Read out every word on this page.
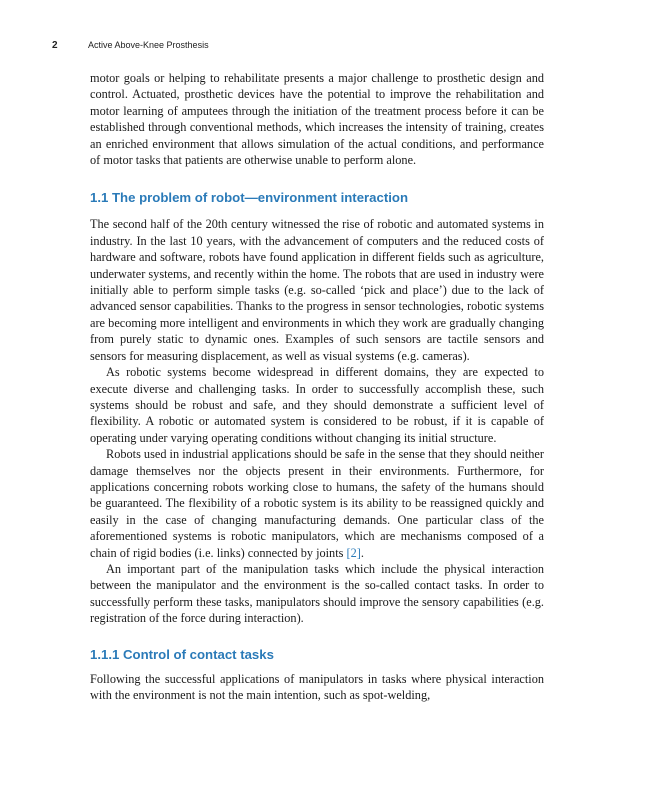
2	Active Above-Knee Prosthesis

motor goals or helping to rehabilitate presents a major challenge to prosthetic design and control. Actuated, prosthetic devices have the potential to improve the rehabilitation and motor learning of amputees through the initiation of the treatment process before it can be established through conventional methods, which increases the intensity of training, creates an enriched environment that allows simulation of the actual conditions, and performance of motor tasks that patients are otherwise unable to perform alone.

1.1 The problem of robot—environment interaction

The second half of the 20th century witnessed the rise of robotic and automated systems in industry. In the last 10 years, with the advancement of computers and the reduced costs of hardware and software, robots have found application in different fields such as agriculture, underwater systems, and recently within the home. The robots that are used in industry were initially able to perform simple tasks (e.g. so-called ‘pick and place’) due to the lack of advanced sensor capabilities. Thanks to the progress in sensor technologies, robotic systems are becoming more intelligent and environments in which they work are gradually changing from purely static to dynamic ones. Examples of such sensors are tactile sensors and sensors for measuring displacement, as well as visual systems (e.g. cameras).

As robotic systems become widespread in different domains, they are expected to execute diverse and challenging tasks. In order to successfully accomplish these, such systems should be robust and safe, and they should demonstrate a sufficient level of flexibility. A robotic or automated system is considered to be robust, if it is capable of operating under varying operating conditions without changing its initial structure.

Robots used in industrial applications should be safe in the sense that they should neither damage themselves nor the objects present in their environments. Furthermore, for applications concerning robots working close to humans, the safety of the humans should be guaranteed. The flexibility of a robotic system is its ability to be reassigned quickly and easily in the case of changing manufacturing demands. One particular class of the aforementioned systems is robotic manipulators, which are mechanisms composed of a chain of rigid bodies (i.e. links) connected by joints [2].

An important part of the manipulation tasks which include the physical interaction between the manipulator and the environment is the so-called contact tasks. In order to successfully perform these tasks, manipulators should improve the sensory capabilities (e.g. registration of the force during interaction).

1.1.1 Control of contact tasks

Following the successful applications of manipulators in tasks where physical interaction with the environment is not the main intention, such as spot-welding,
